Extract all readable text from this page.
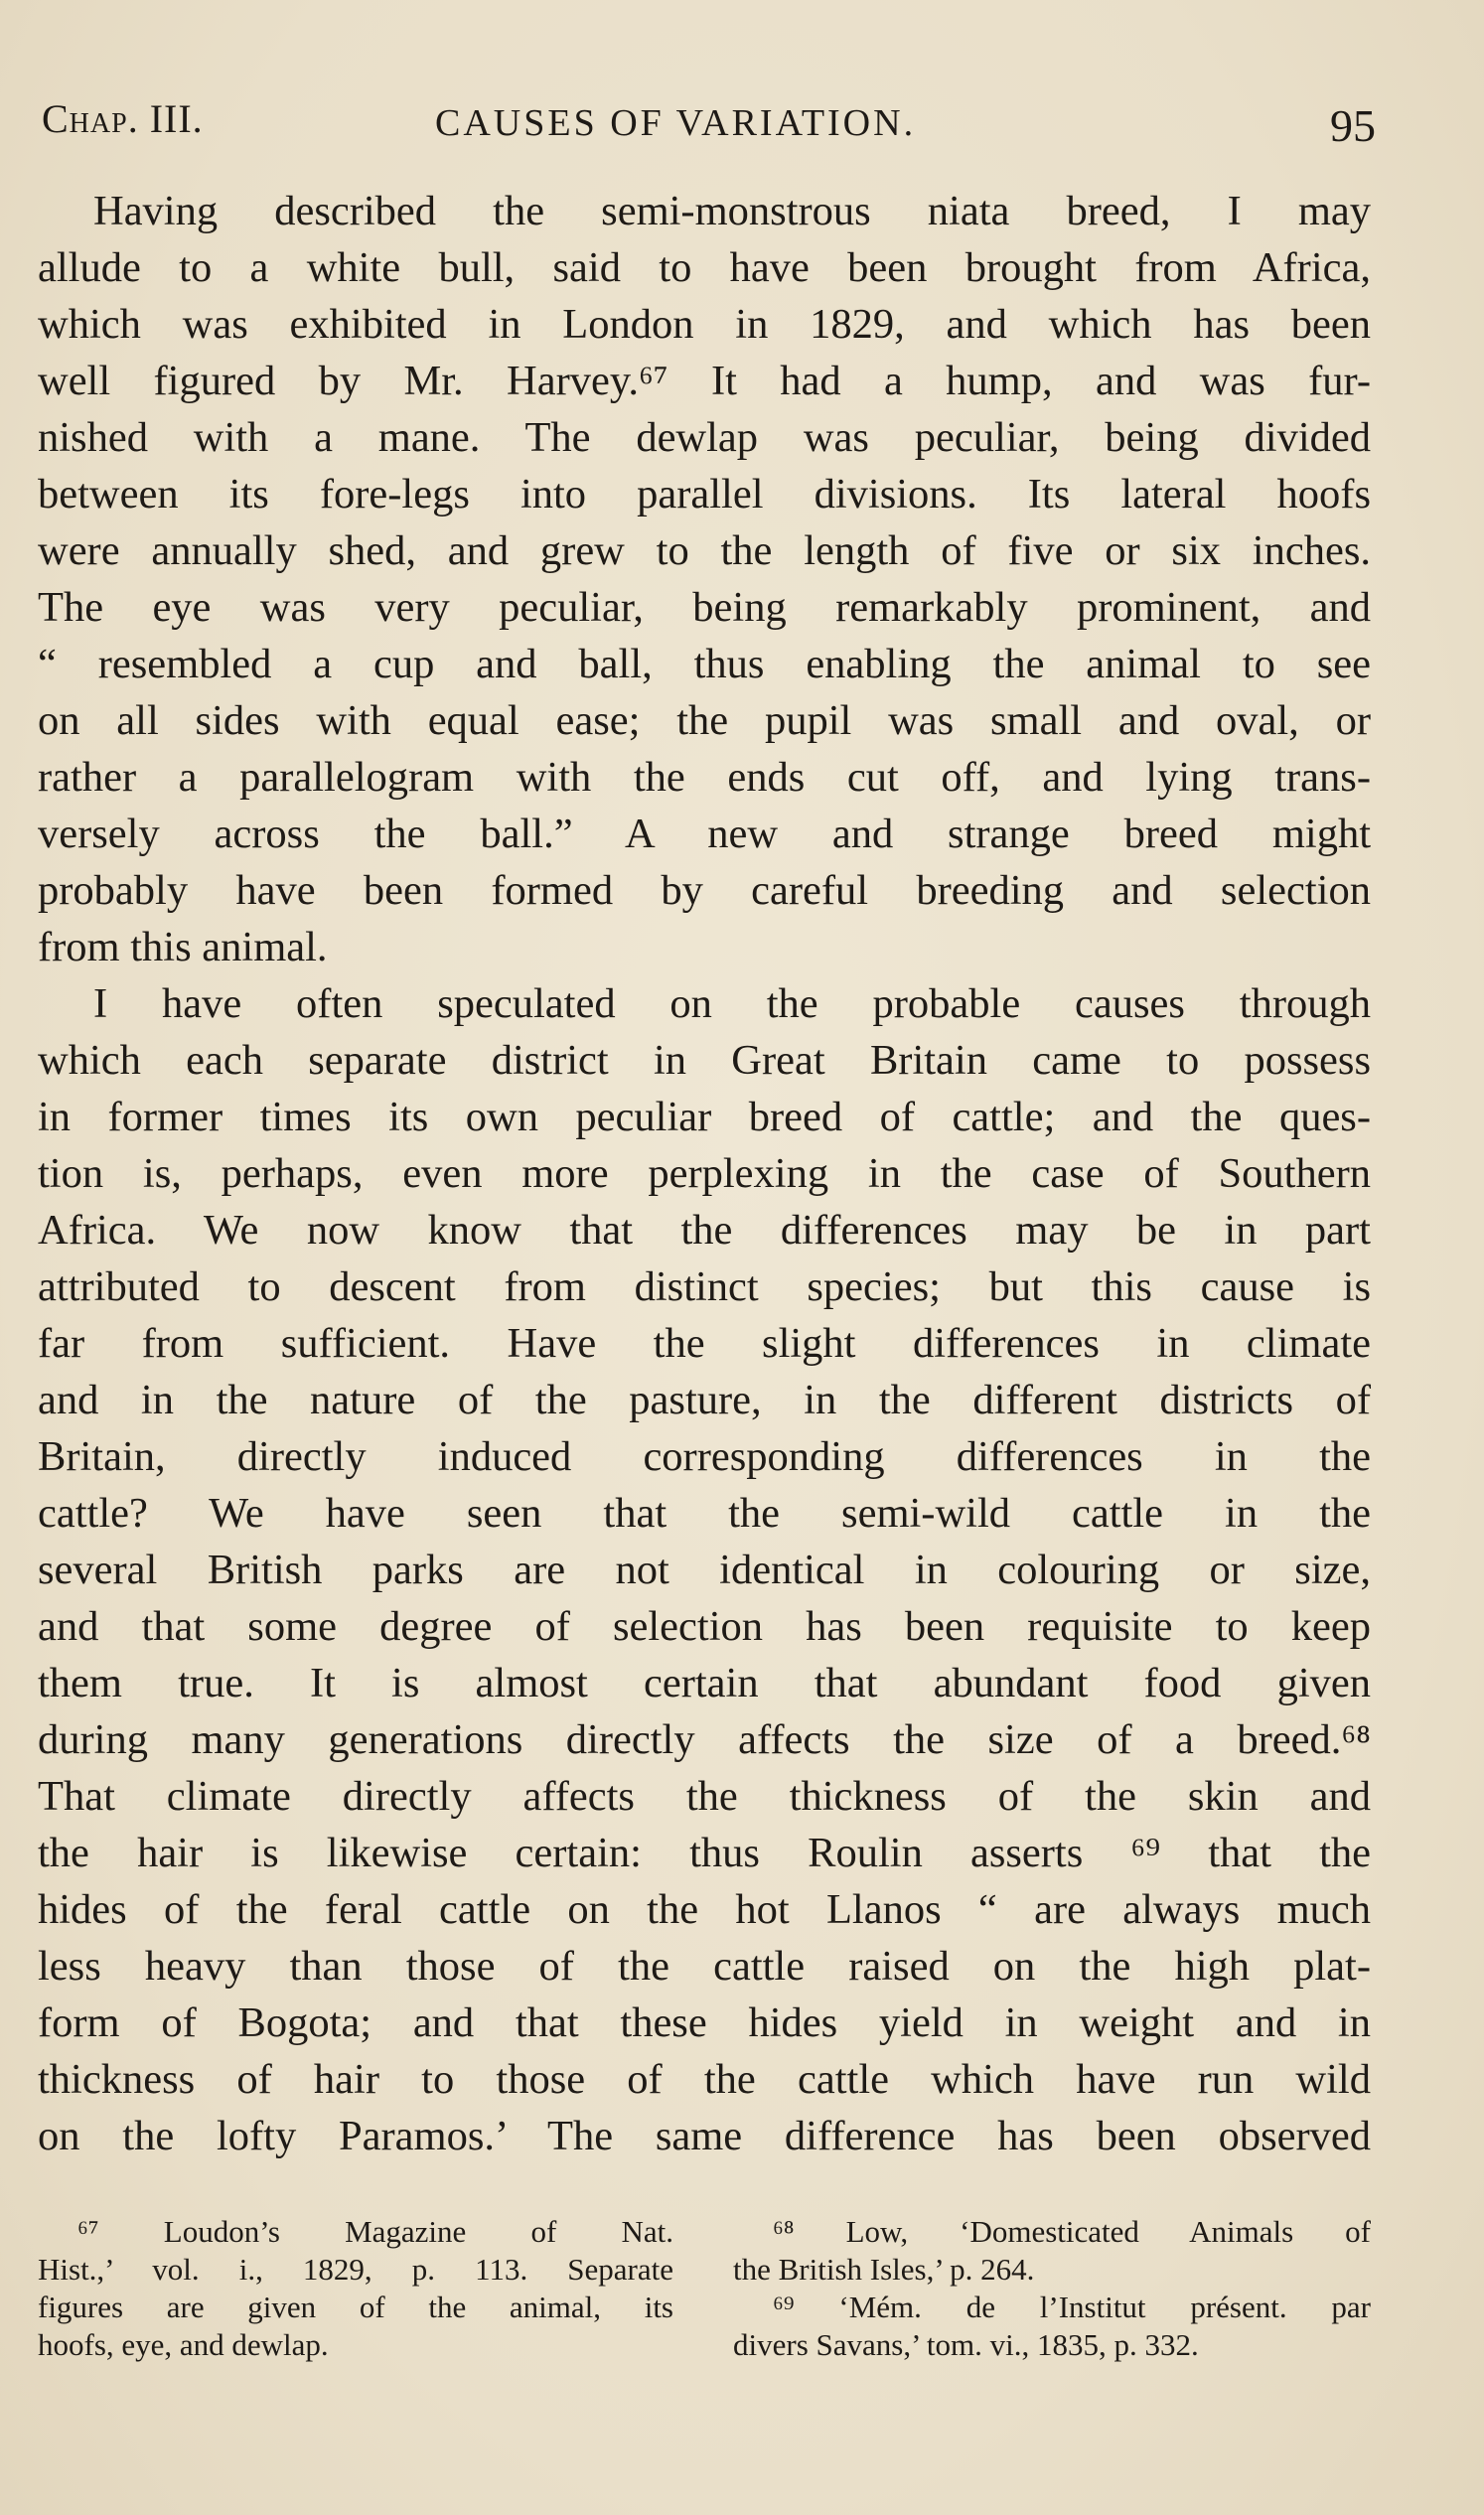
Chap. III.	CAUSES OF VARIATION.	95
Having described the semi-monstrous niata breed, I may
allude to a white bull, said to have been brought from Africa,
which was exhibited in London in 1829, and which has been
well figured by Mr. Harvey.⁶⁷ It had a hump, and was fur-
nished with a mane. The dewlap was peculiar, being divided
between its fore-legs into parallel divisions. Its lateral hoofs
were annually shed, and grew to the length of five or six inches.
The eye was very peculiar, being remarkably prominent, and
“ resembled a cup and ball, thus enabling the animal to see
on all sides with equal ease; the pupil was small and oval, or
rather a parallelogram with the ends cut off, and lying trans-
versely across the ball.” A new and strange breed might
probably have been formed by careful breeding and selection
from this animal.
I have often speculated on the probable causes through
which each separate district in Great Britain came to possess
in former times its own peculiar breed of cattle; and the ques-
tion is, perhaps, even more perplexing in the case of Southern
Africa. We now know that the differences may be in part
attributed to descent from distinct species; but this cause is
far from sufficient. Have the slight differences in climate
and in the nature of the pasture, in the different districts of
Britain, directly induced corresponding differences in the
cattle? We have seen that the semi-wild cattle in the
several British parks are not identical in colouring or size,
and that some degree of selection has been requisite to keep
them true. It is almost certain that abundant food given
during many generations directly affects the size of a breed.⁶⁸
That climate directly affects the thickness of the skin and
the hair is likewise certain: thus Roulin asserts ⁶⁹ that the
hides of the feral cattle on the hot Llanos “ are always much
less heavy than those of the cattle raised on the high plat-
form of Bogota; and that these hides yield in weight and in
thickness of hair to those of the cattle which have run wild
on the lofty Paramos.’ The same difference has been observed
⁶⁷ Loudon’s Magazine of Nat.
Hist.,’ vol. i., 1829, p. 113. Separate
figures are given of the animal, its
hoofs, eye, and dewlap.
⁶⁸ Low, ‘Domesticated Animals of
the British Isles,’ p. 264.
⁶⁹ ‘Mém. de l’Institut présent. par
divers Savans,’ tom. vi., 1835, p. 332.
